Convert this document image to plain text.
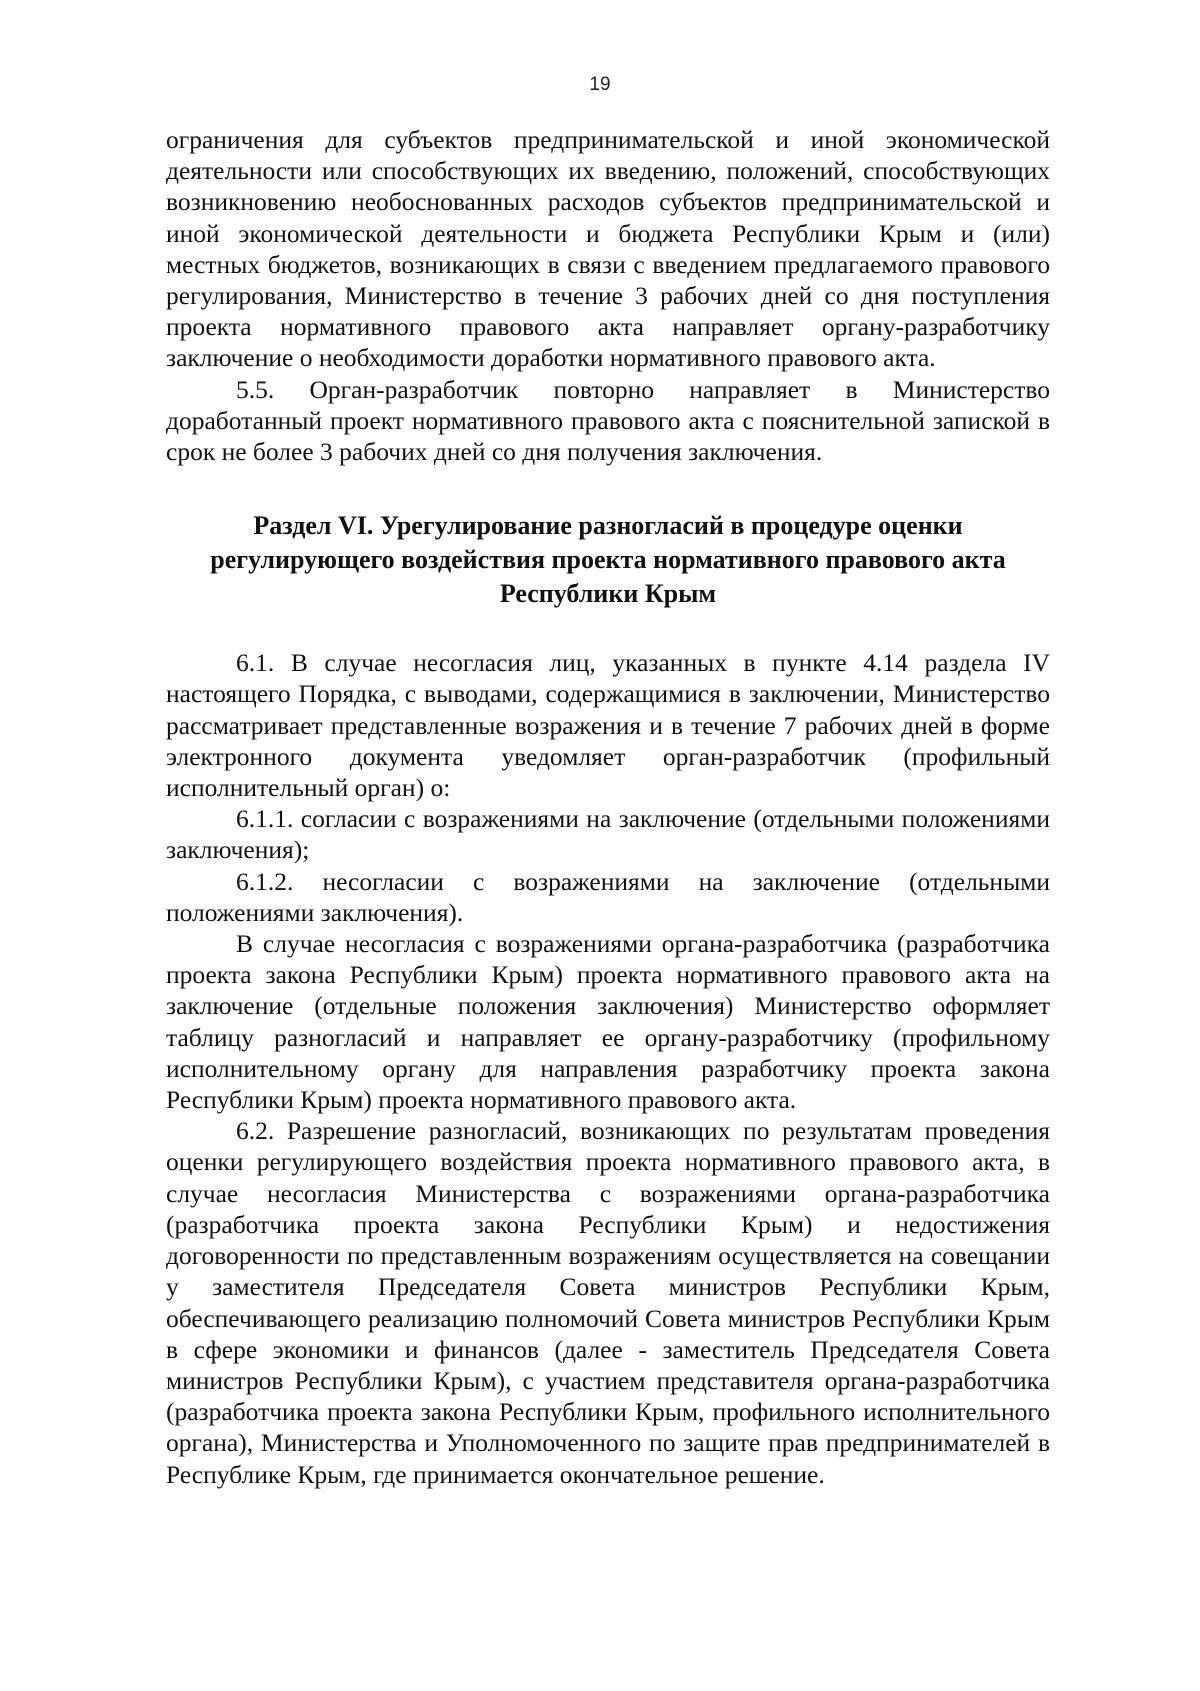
19

ограничения для субъектов предпринимательской и иной экономической деятельности или способствующих их введению, положений, способствующих возникновению необоснованных расходов субъектов предпринимательской и иной экономической деятельности и бюджета Республики Крым и (или) местных бюджетов, возникающих в связи с введением предлагаемого правового регулирования, Министерство в течение 3 рабочих дней со дня поступления проекта нормативного правового акта направляет органу-разработчику заключение о необходимости доработки нормативного правового акта.

5.5. Орган-разработчик повторно направляет в Министерство доработанный проект нормативного правового акта с пояснительной запиской в срок не более 3 рабочих дней со дня получения заключения.

Раздел VI. Урегулирование разногласий в процедуре оценки
регулирующего воздействия проекта нормативного правового акта
Республики Крым

6.1. В случае несогласия лиц, указанных в пункте 4.14 раздела IV настоящего Порядка, с выводами, содержащимися в заключении, Министерство рассматривает представленные возражения и в течение 7 рабочих дней в форме электронного документа уведомляет орган-разработчик (профильный исполнительный орган) о:

6.1.1. согласии с возражениями на заключение (отдельными положениями заключения);

6.1.2. несогласии с возражениями на заключение (отдельными положениями заключения).

В случае несогласия с возражениями органа-разработчика (разработчика проекта закона Республики Крым) проекта нормативного правового акта на заключение (отдельные положения заключения) Министерство оформляет таблицу разногласий и направляет ее органу-разработчику (профильному исполнительному органу для направления разработчику проекта закона Республики Крым) проекта нормативного правового акта.

6.2. Разрешение разногласий, возникающих по результатам проведения оценки регулирующего воздействия проекта нормативного правового акта, в случае несогласия Министерства с возражениями органа-разработчика (разработчика проекта закона Республики Крым) и недостижения договоренности по представленным возражениям осуществляется на совещании у заместителя Председателя Совета министров Республики Крым, обеспечивающего реализацию полномочий Совета министров Республики Крым в сфере экономики и финансов (далее - заместитель Председателя Совета министров Республики Крым), с участием представителя органа-разработчика (разработчика проекта закона Республики Крым, профильного исполнительного органа), Министерства и Уполномоченного по защите прав предпринимателей в Республике Крым, где принимается окончательное решение.
